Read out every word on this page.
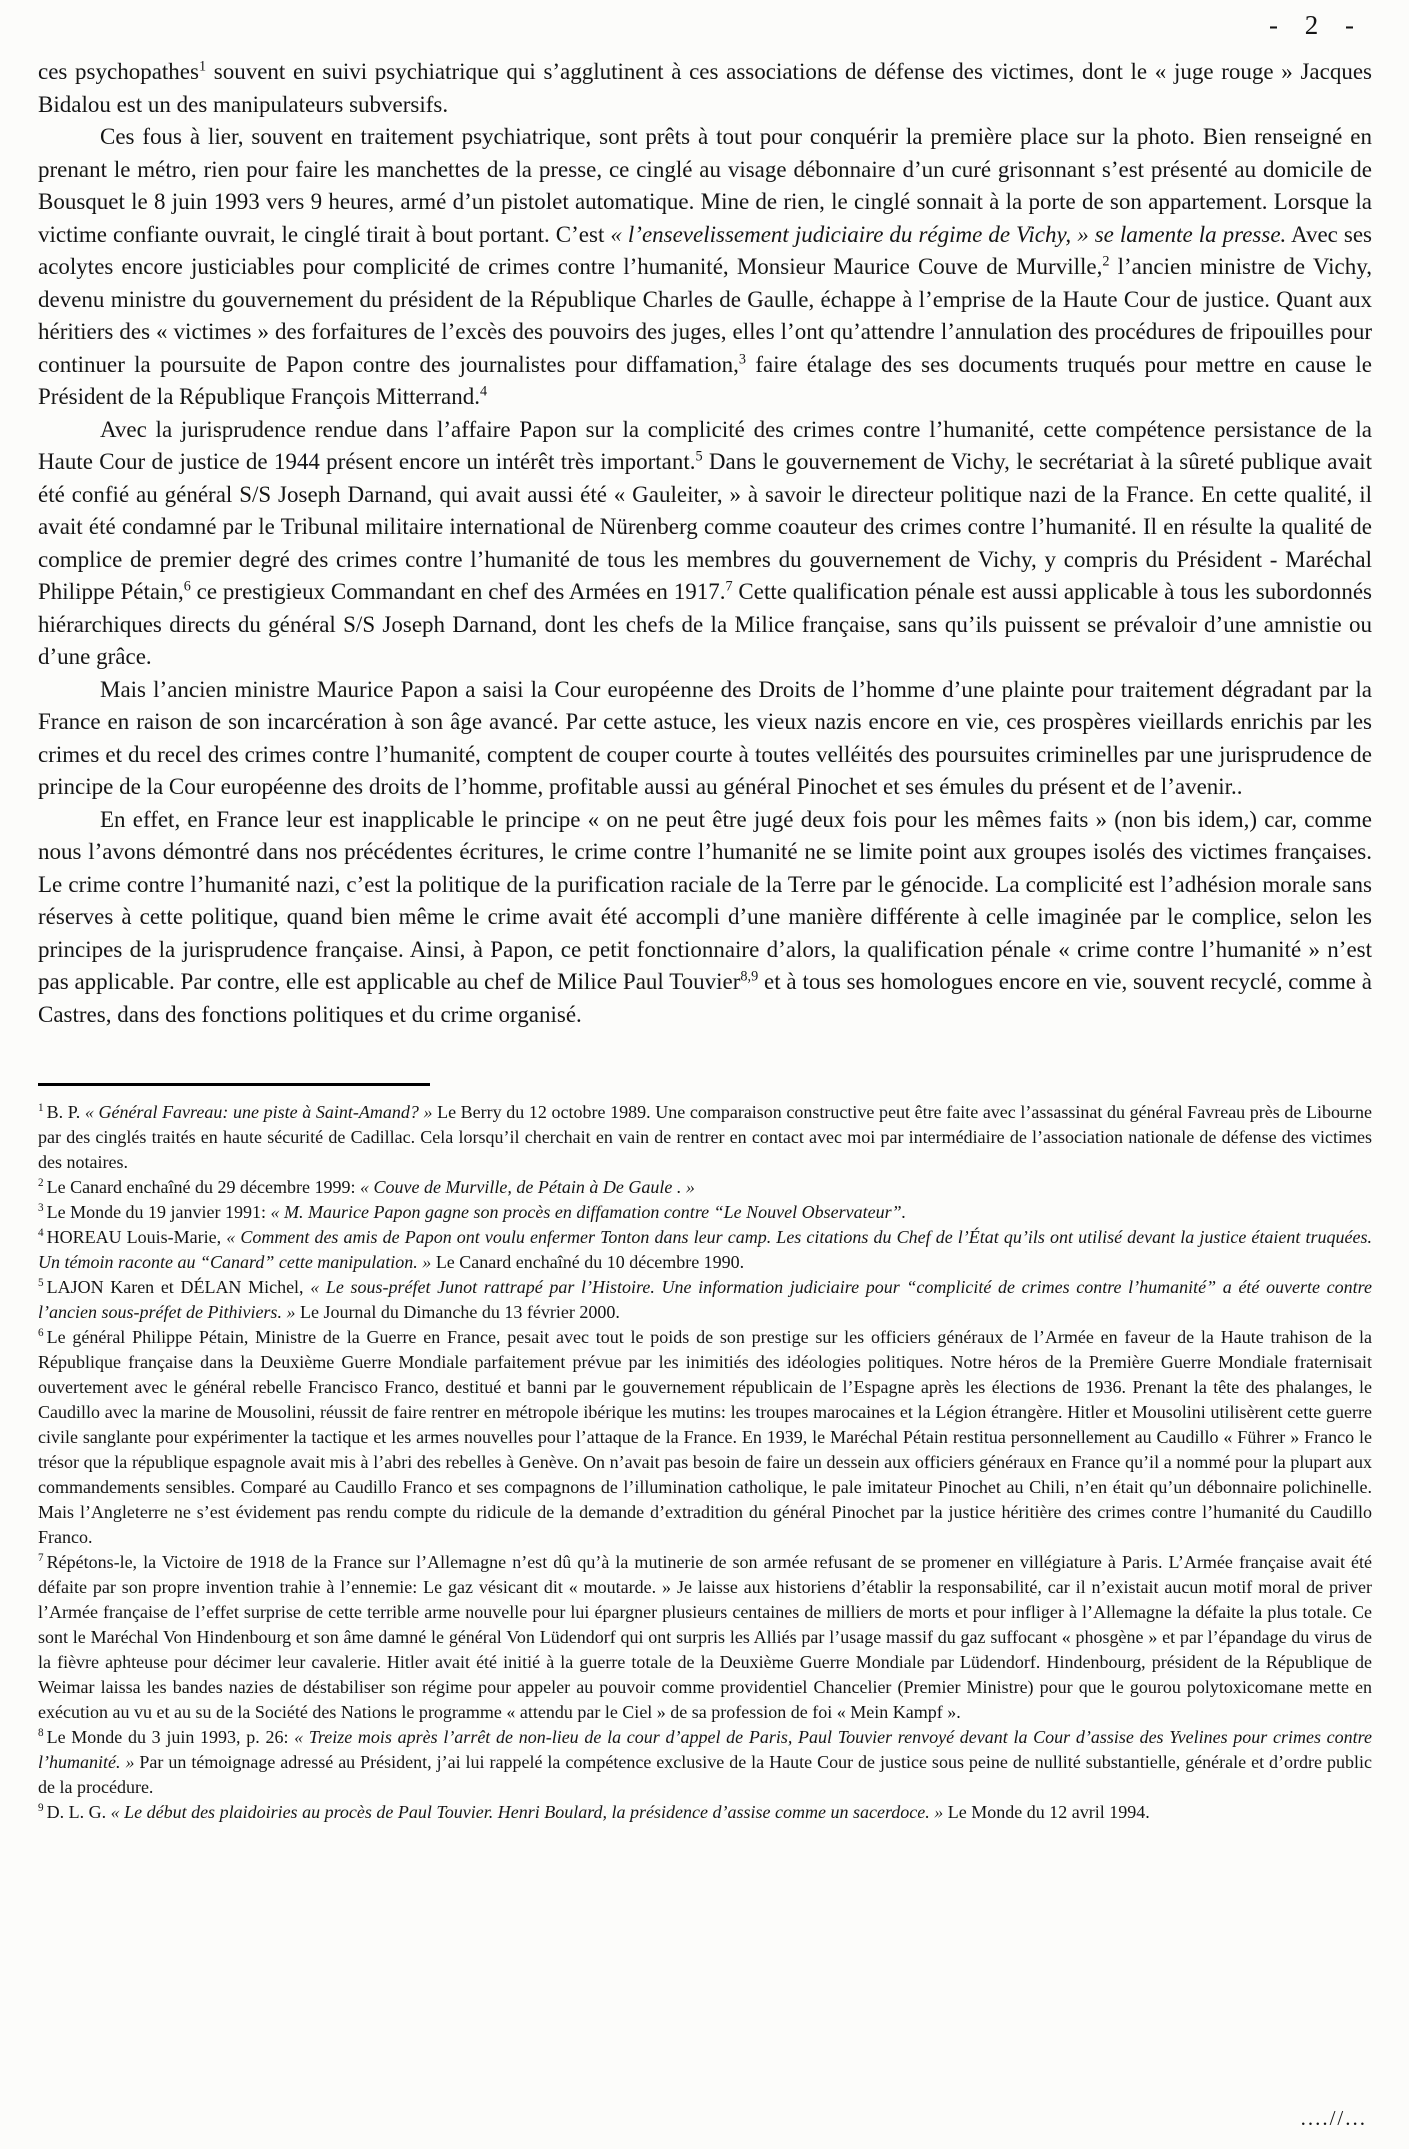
- 2 -

ces psychopathes$^1$ souvent en suivi psychiatrique qui s’agglutinent à ces associations de défense des victimes, dont le « juge rouge » Jacques Bidalou est un des manipulateurs subversifs.

Ces fous à lier, souvent en traitement psychiatrique, sont prêts à tout pour conquérir la première place sur la photo. Bien renseigné en prenant le métro, rien pour faire les manchettes de la presse, ce cinglé au visage débonnaire d’un curé grisonnant s’est présenté au domicile de Bousquet le 8 juin 1993 vers 9 heures, armé d’un pistolet automatique. Mine de rien, le cinglé sonnait à la porte de son appartement. Lorsque la victime confiante ouvrait, le cinglé tirait à bout portant. C’est « l’ensevelissement judiciaire du régime de Vichy, » se lamente la presse. Avec ses acolytes encore justiciables pour complicité de crimes contre l’humanité, Monsieur Maurice Couve de Murville,$^2$ l’ancien ministre de Vichy, devenu ministre du gouvernement du président de la République Charles de Gaulle, échappe à l’emprise de la Haute Cour de justice. Quant aux héritiers des « victimes » des forfaitures de l’excès des pouvoirs des juges, elles l’ont qu’attendre l’annulation des procédures de fripouilles pour continuer la poursuite de Papon contre des journalistes pour diffamation,$^3$ faire étalage des ses documents truqués pour mettre en cause le Président de la République François Mitterrand.$^4$

Avec la jurisprudence rendue dans l’affaire Papon sur la complicité des crimes contre l’humanité, cette compétence persistance de la Haute Cour de justice de 1944 présent encore un intérêt très important.$^5$ Dans le gouvernement de Vichy, le secrétariat à la sûreté publique avait été confié au général S/S Joseph Darnand, qui avait aussi été « Gauleiter, » à savoir le directeur politique nazi de la France. En cette qualité, il avait été condamné par le Tribunal militaire international de Nürenberg comme coauteur des crimes contre l’humanité. Il en résulte la qualité de complice de premier degré des crimes contre l’humanité de tous les membres du gouvernement de Vichy, y compris du Président - Maréchal Philippe Pétain,$^6$ ce prestigieux Commandant en chef des Armées en 1917.$^7$ Cette qualification pénale est aussi applicable à tous les subordonnés hiérarchiques directs du général S/S Joseph Darnand, dont les chefs de la Milice française, sans qu’ils puissent se prévaloir d’une amnistie ou d’une grâce.

Mais l’ancien ministre Maurice Papon a saisi la Cour européenne des Droits de l’homme d’une plainte pour traitement dégradant par la France en raison de son incarcération à son âge avancé. Par cette astuce, les vieux nazis encore en vie, ces prospères vieillards enrichis par les crimes et du recel des crimes contre l’humanité, comptent de couper courte à toutes velléités des poursuites criminelles par une jurisprudence de principe de la Cour européenne des droits de l’homme, profitable aussi au général Pinochet et ses émules du présent et de l’avenir..

En effet, en France leur est inapplicable le principe « on ne peut être jugé deux fois pour les mêmes faits » (non bis idem,) car, comme nous l’avons démontré dans nos précédentes écritures, le crime contre l’humanité ne se limite point aux groupes isolés des victimes françaises. Le crime contre l’humanité nazi, c’est la politique de la purification raciale de la Terre par le génocide. La complicité est l’adhésion morale sans réserves à cette politique, quand bien même le crime avait été accompli d’une manière différente à celle imaginée par le complice, selon les principes de la jurisprudence française. Ainsi, à Papon, ce petit fonctionnaire d’alors, la qualification pénale « crime contre l’humanité » n’est pas applicable. Par contre, elle est applicable au chef de Milice Paul Touvier$^{8,9}$ et à tous ses homologues encore en vie, souvent recyclé, comme à Castres, dans des fonctions politiques et du crime organisé.

$^1$ B. P. « Général Favreau: une piste à Saint-Amand? » Le Berry du 12 octobre 1989. Une comparaison constructive peut être faite avec l’assassinat du général Favreau près de Libourne par des cinglés traités en haute sécurité de Cadillac. Cela lorsqu’il cherchait en vain de rentrer en contact avec moi par intermédiaire de l’association nationale de défense des victimes des notaires.
$^2$ Le Canard enchaîné du 29 décembre 1999: « Couve de Murville, de Pétain à De Gaule . »
$^3$ Le Monde du 19 janvier 1991: « M. Maurice Papon gagne son procès en diffamation contre “Le Nouvel Observateur”.
$^4$ HOREAU Louis-Marie, « Comment des amis de Papon ont voulu enfermer Tonton dans leur camp. Les citations du Chef de l’État qu’ils ont utilisé devant la justice étaient truquées. Un témoin raconte au “Canard” cette manipulation. » Le Canard enchaîné du 10 décembre 1990.
$^5$ LAJON Karen et DÉLAN Michel, « Le sous-préfet Junot rattrapé par l’Histoire. Une information judiciaire pour “complicité de crimes contre l’humanité” a été ouverte contre l’ancien sous-préfet de Pithiviers. » Le Journal du Dimanche du 13 février 2000.
$^6$ Le général Philippe Pétain, Ministre de la Guerre en France, pesait avec tout le poids de son prestige sur les officiers généraux de l’Armée en faveur de la Haute trahison de la République française dans la Deuxième Guerre Mondiale parfaitement prévue par les inimitiés des idéologies politiques. Notre héros de la Première Guerre Mondiale fraternisait ouvertement avec le général rebelle Francisco Franco, destitué et banni par le gouvernement républicain de l’Espagne après les élections de 1936. Prenant la tête des phalanges, le Caudillo avec la marine de Mousolini, réussit de faire rentrer en métropole ibérique les mutins: les troupes marocaines et la Légion étrangère. Hitler et Mousolini utilisèrent cette guerre civile sanglante pour expérimenter la tactique et les armes nouvelles pour l’attaque de la France. En 1939, le Maréchal Pétain restitua personnellement au Caudillo « Führer » Franco le trésor que la république espagnole avait mis à l’abri des rebelles à Genève. On n’avait pas besoin de faire un dessein aux officiers généraux en France qu’il a nommé pour la plupart aux commandements sensibles. Comparé au Caudillo Franco et ses compagnons de l’illumination catholique, le pale imitateur Pinochet au Chili, n’en était qu’un débonnaire polichinelle. Mais l’Angleterre ne s’est évidement pas rendu compte du ridicule de la demande d’extradition du général Pinochet par la justice héritière des crimes contre l’humanité du Caudillo Franco.
$^7$ Répétons-le, la Victoire de 1918 de la France sur l’Allemagne n’est dû qu’à la mutinerie de son armée refusant de se promener en villégiature à Paris. L’Armée française avait été défaite par son propre invention trahie à l’ennemie: Le gaz vésicant dit « moutarde. » Je laisse aux historiens d’établir la responsabilité, car il n’existait aucun motif moral de priver l’Armée française de l’effet surprise de cette terrible arme nouvelle pour lui épargner plusieurs centaines de milliers de morts et pour infliger à l’Allemagne la défaite la plus totale. Ce sont le Maréchal Von Hindenbourg et son âme damné le général Von Lüdendorf qui ont surpris les Alliés par l’usage massif du gaz suffocant « phosgène » et par l’épandage du virus de la fièvre aphteuse pour décimer leur cavalerie. Hitler avait été initié à la guerre totale de la Deuxième Guerre Mondiale par Lüdendorf. Hindenbourg, président de la République de Weimar laissa les bandes nazies de déstabiliser son régime pour appeler au pouvoir comme providentiel Chancelier (Premier Ministre) pour que le gourou polytoxicomane mette en exécution au vu et au su de la Société des Nations le programme « attendu par le Ciel » de sa profession de foi « Mein Kampf ».
$^8$ Le Monde du 3 juin 1993, p. 26: « Treize mois après l’arrêt de non-lieu de la cour d’appel de Paris, Paul Touvier renvoyé devant la Cour d’assise des Yvelines pour crimes contre l’humanité. » Par un témoignage adressé au Président, j’ai lui rappelé la compétence exclusive de la Haute Cour de justice sous peine de nullité substantielle, générale et d’ordre public de la procédure.
$^9$ D. L. G. « Le début des plaidoiries au procès de Paul Touvier. Henri Boulard, la présidence d’assise comme un sacerdoce. » Le Monde du 12 avril 1994.
....//...
